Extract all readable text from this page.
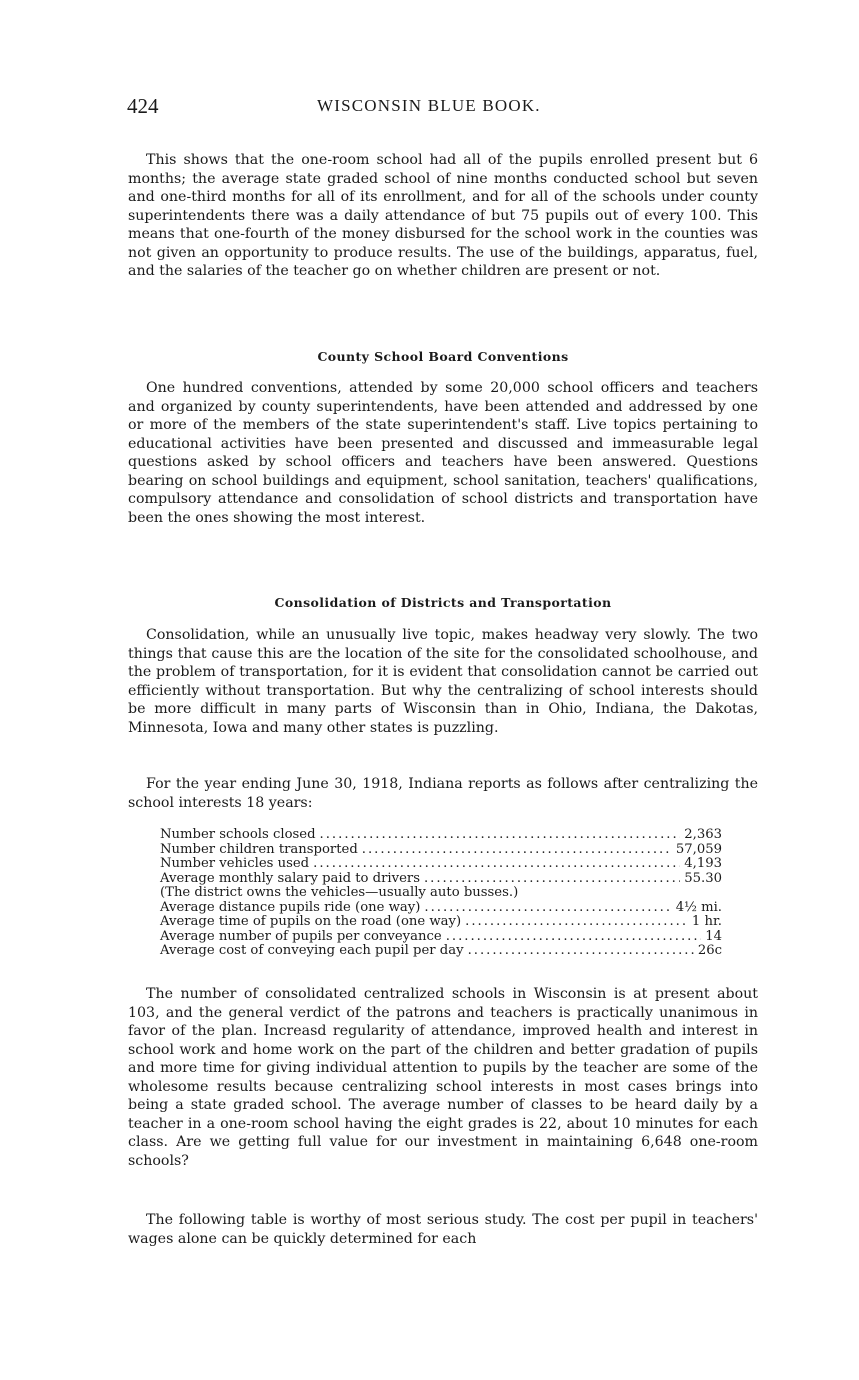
424	WISCONSIN BLUE BOOK.

This shows that the one-room school had all of the pupils enrolled present but 6 months; the average state graded school of nine months conducted school but seven and one-third months for all of its enrollment, and for all of the schools under county superintendents there was a daily attendance of but 75 pupils out of every 100. This means that one-fourth of the money disbursed for the school work in the counties was not given an opportunity to produce results. The use of the buildings, apparatus, fuel, and the salaries of the teacher go on whether children are present or not.

County School Board Conventions

One hundred conventions, attended by some 20,000 school officers and teachers and organized by county superintendents, have been attended and addressed by one or more of the members of the state superintendent's staff. Live topics pertaining to educational activities have been presented and discussed and immeasurable legal questions asked by school officers and teachers have been answered. Questions bearing on school buildings and equipment, school sanitation, teachers' qualifications, compulsory attendance and consolidation of school districts and transportation have been the ones showing the most interest.

Consolidation of Districts and Transportation

Consolidation, while an unusually live topic, makes headway very slowly. The two things that cause this are the location of the site for the consolidated schoolhouse, and the problem of transportation, for it is evident that consolidation cannot be carried out efficiently without transportation. But why the centralizing of school interests should be more difficult in many parts of Wisconsin than in Ohio, Indiana, the Dakotas, Minnesota, Iowa and many other states is puzzling.

For the year ending June 30, 1918, Indiana reports as follows after centralizing the school interests 18 years:

Number schools closed .....	2,363
Number children transported .....	57,059
Number vehicles used .....	4,193
Average monthly salary paid to drivers .....	55.30
(The district owns the vehicles—usually auto busses.)
Average distance pupils ride (one way) .....	4½ mi.
Average time of pupils on the road (one way) .....	1 hr.
Average number of pupils per conveyance .....	14
Average cost of conveying each pupil per day .....	26c

The number of consolidated centralized schools in Wisconsin is at present about 103, and the general verdict of the patrons and teachers is practically unanimous in favor of the plan. Increasd regularity of attendance, improved health and interest in school work and home work on the part of the children and better gradation of pupils and more time for giving individual attention to pupils by the teacher are some of the wholesome results because centralizing school interests in most cases brings into being a state graded school. The average number of classes to be heard daily by a teacher in a one-room school having the eight grades is 22, about 10 minutes for each class. Are we getting full value for our investment in maintaining 6,648 one-room schools?

The following table is worthy of most serious study. The cost per pupil in teachers' wages alone can be quickly determined for each
